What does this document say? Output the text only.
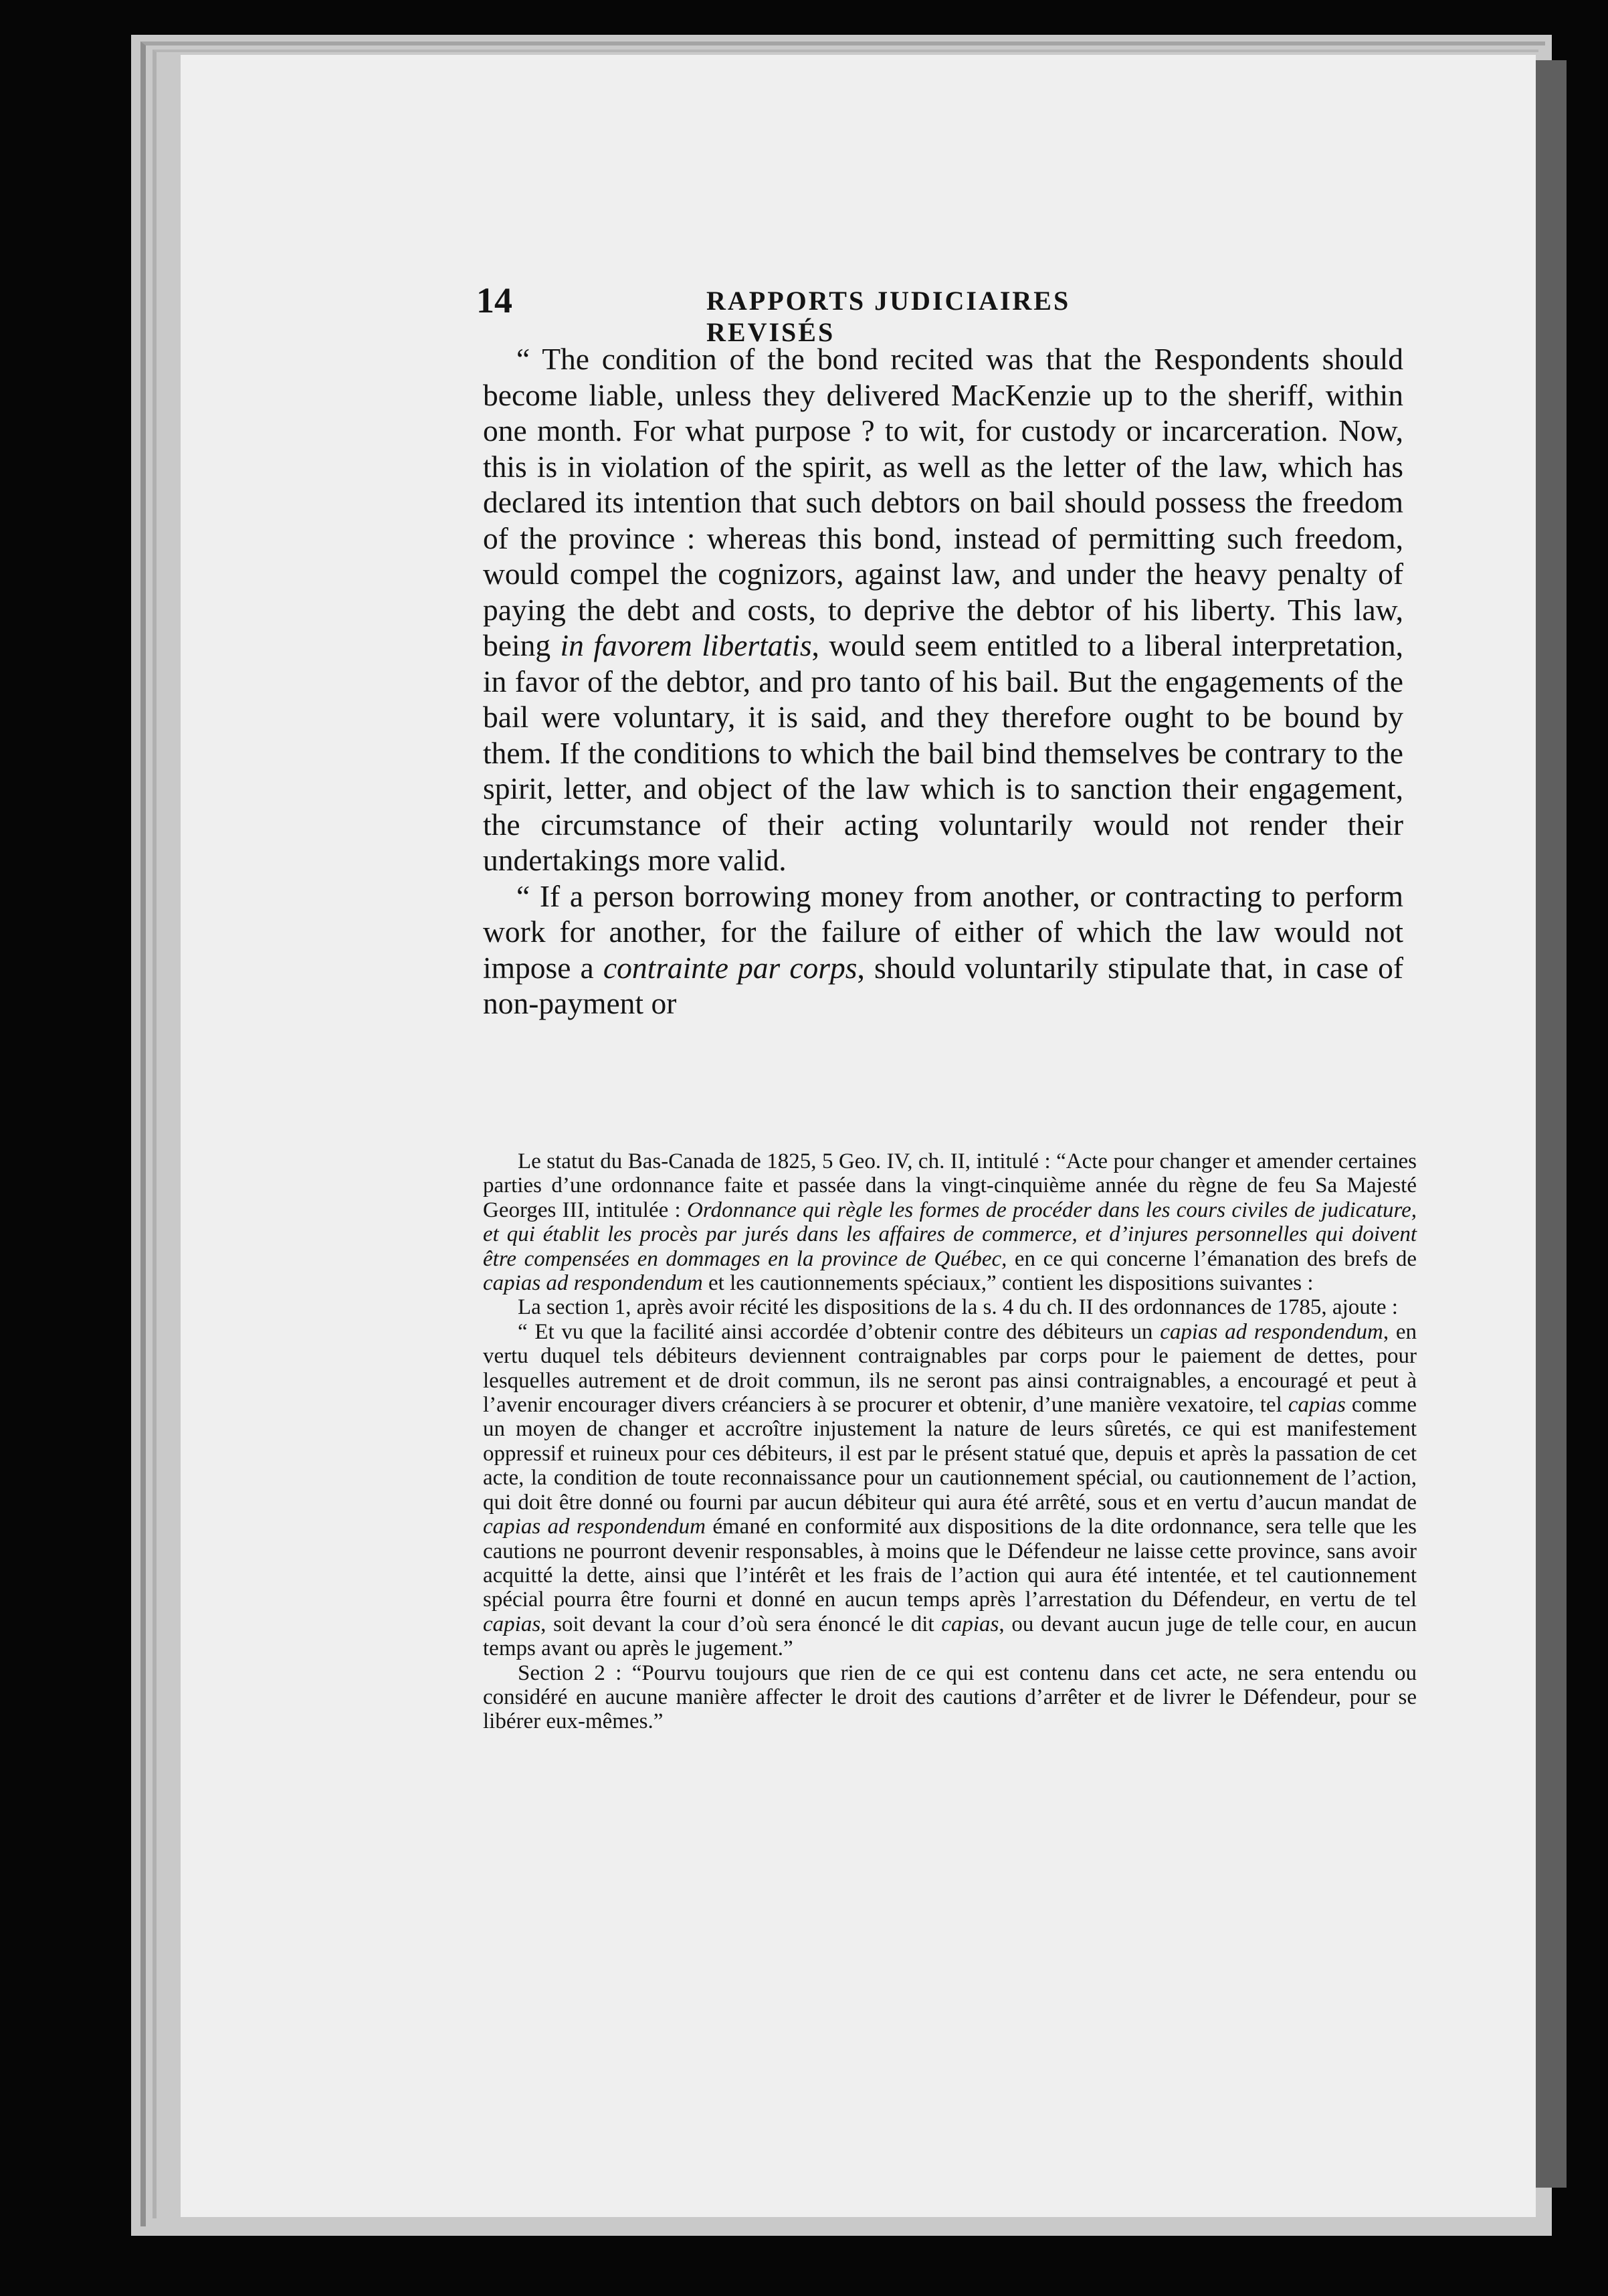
14	RAPPORTS JUDICIAIRES REVISÉS

“ The condition of the bond recited was that the Respondents should become liable, unless they delivered MacKenzie up to the sheriff, within one month. For what purpose ? to wit, for custody or incarceration. Now, this is in violation of the spirit, as well as the letter of the law, which has declared its intention that such debtors on bail should possess the freedom of the province : whereas this bond, instead of permitting such freedom, would compel the cognizors, against law, and under the heavy penalty of paying the debt and costs, to deprive the debtor of his liberty. This law, being in favorem libertatis, would seem entitled to a liberal interpretation, in favor of the debtor, and pro tanto of his bail. But the engagements of the bail were voluntary, it is said, and they therefore ought to be bound by them. If the conditions to which the bail bind themselves be contrary to the spirit, letter, and object of the law which is to sanction their engagement, the circumstance of their acting voluntarily would not render their undertakings more valid.

“ If a person borrowing money from another, or contracting to perform work for another, for the failure of either of which the law would not impose a contrainte par corps, should voluntarily stipulate that, in case of non-payment or

Le statut du Bas-Canada de 1825, 5 Geo. IV, ch. II, intitulé : “Acte pour changer et amender certaines parties d’une ordonnance faite et passée dans la vingt-cinquième année du règne de feu Sa Majesté Georges III, intitulée : Ordonnance qui règle les formes de procéder dans les cours civiles de judicature, et qui établit les procès par jurés dans les affaires de commerce, et d’injures personnelles qui doivent être compensées en dommages en la province de Québec, en ce qui concerne l’émanation des brefs de capias ad respondendum et les cautionnements spéciaux,” contient les dispositions suivantes :

La section 1, après avoir récité les dispositions de la s. 4 du ch. II des ordonnances de 1785, ajoute :

“ Et vu que la facilité ainsi accordée d’obtenir contre des débiteurs un capias ad respondendum, en vertu duquel tels débiteurs deviennent contraignables par corps pour le paiement de dettes, pour lesquelles autrement et de droit commun, ils ne seront pas ainsi contraignables, a encouragé et peut à l’avenir encourager divers créanciers à se procurer et obtenir, d’une manière vexatoire, tel capias comme un moyen de changer et accroître injustement la nature de leurs sûretés, ce qui est manifestement oppressif et ruineux pour ces débiteurs, il est par le présent statué que, depuis et après la passation de cet acte, la condition de toute reconnaissance pour un cautionnement spécial, ou cautionnement de l’action, qui doit être donné ou fourni par aucun débiteur qui aura été arrêté, sous et en vertu d’aucun mandat de capias ad respondendum émané en conformité aux dispositions de la dite ordonnance, sera telle que les cautions ne pourront devenir responsables, à moins que le Défendeur ne laisse cette province, sans avoir acquitté la dette, ainsi que l’intérêt et les frais de l’action qui aura été intentée, et tel cautionnement spécial pourra être fourni et donné en aucun temps après l’arrestation du Défendeur, en vertu de tel capias, soit devant la cour d’où sera énoncé le dit capias, ou devant aucun juge de telle cour, en aucun temps avant ou après le jugement.”

Section 2 : “Pourvu toujours que rien de ce qui est contenu dans cet acte, ne sera entendu ou considéré en aucune manière affecter le droit des cautions d’arrêter et de livrer le Défendeur, pour se libérer eux-mêmes.”
